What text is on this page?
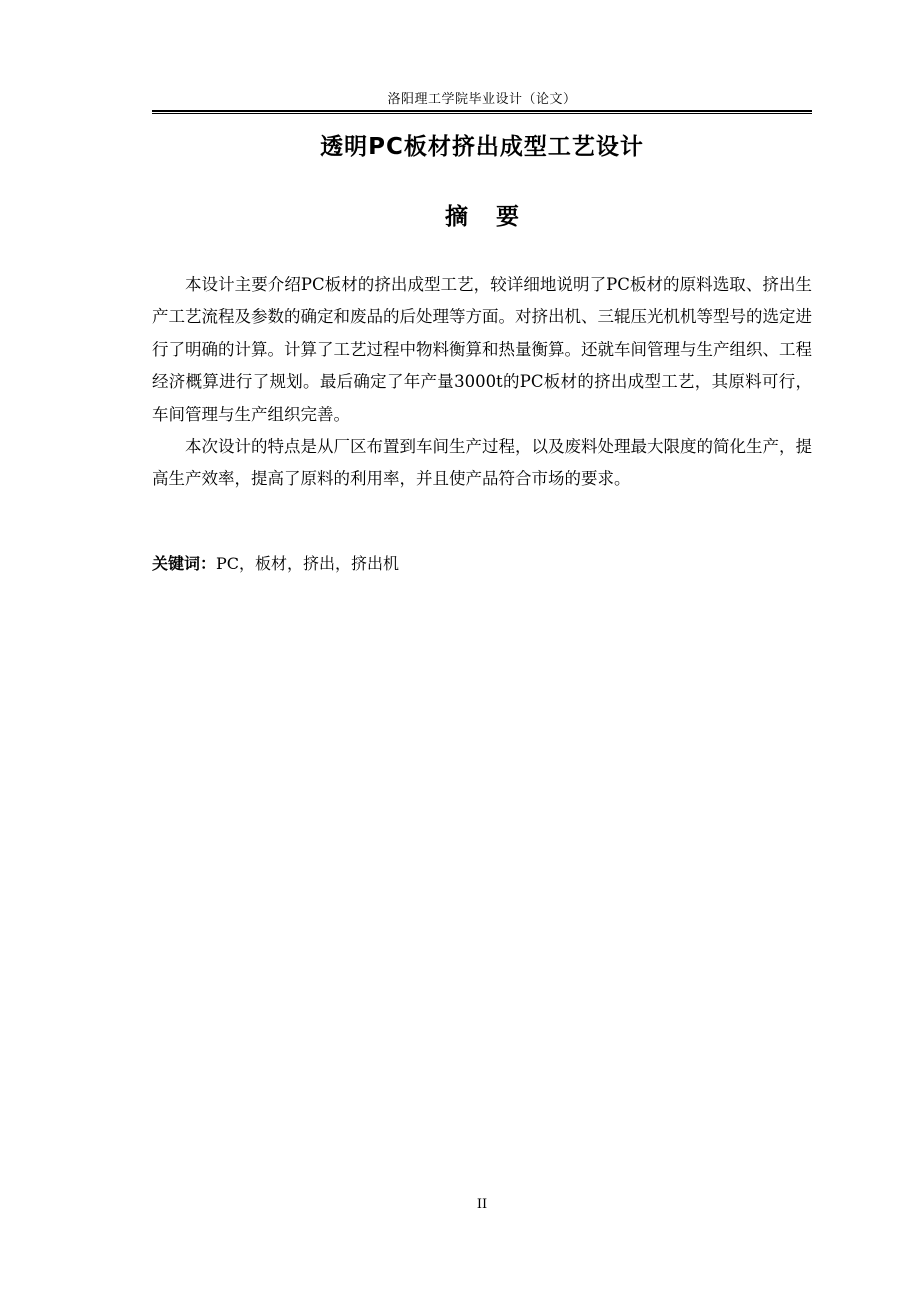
洛阳理工学院毕业设计（论文）
透明PC板材挤出成型工艺设计
摘 要

本设计主要介绍PC板材的挤出成型工艺，较详细地说明了PC板材的原料选取、挤出生产工艺流程及参数的确定和废品的后处理等方面。对挤出机、三辊压光机机等型号的选定进行了明确的计算。计算了工艺过程中物料衡算和热量衡算。还就车间管理与生产组织、工程经济概算进行了规划。最后确定了年产量3000t的PC板材的挤出成型工艺，其原料可行，车间管理与生产组织完善。

本次设计的特点是从厂区布置到车间生产过程，以及废料处理最大限度的简化生产，提高生产效率，提高了原料的利用率，并且使产品符合市场的要求。

关键词：PC，板材，挤出，挤出机
II
